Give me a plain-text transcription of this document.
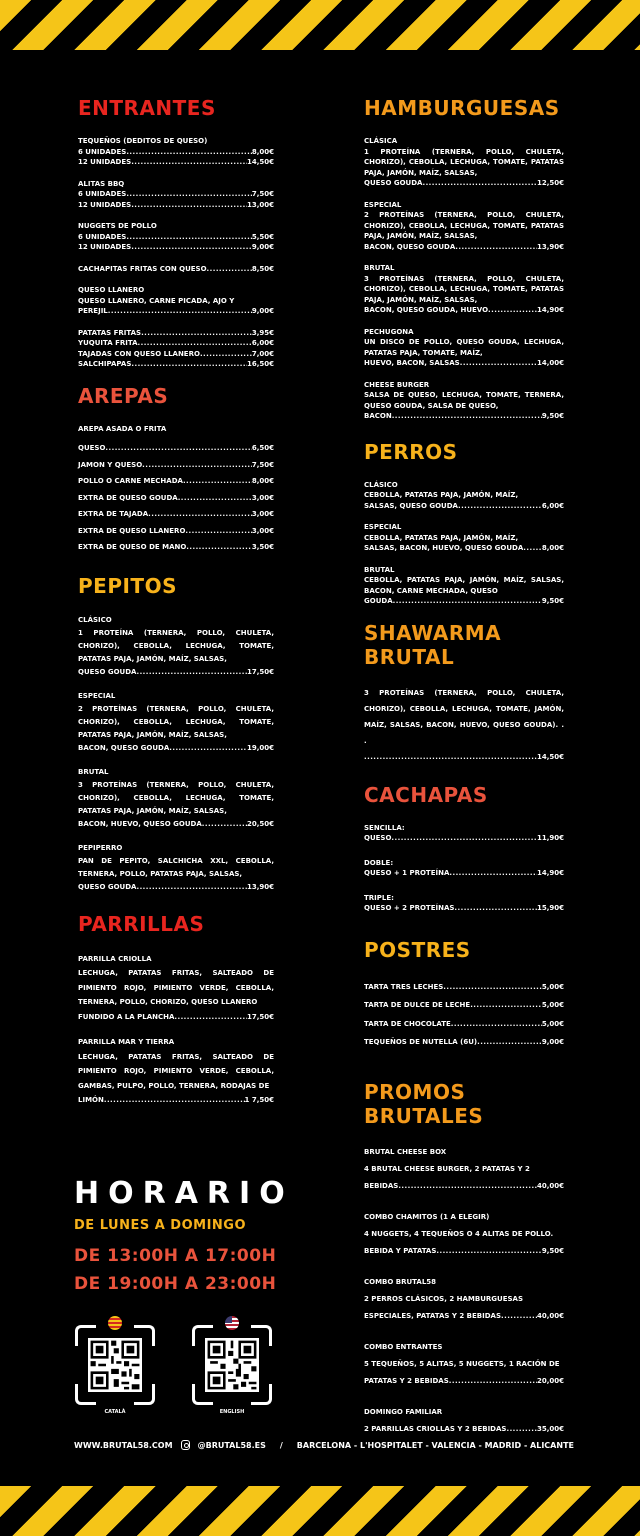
ENTRANTES

TEQUEÑOS (DEDITOS DE QUESO)

6 UNIDADES . . .	8,00€
12 UNIDADES . . .	14,50€

ALITAS BBQ

6 UNIDADES . . .	7,50€
12 UNIDADES . . .	13,00€

NUGGETS DE POLLO

6 UNIDADES . . .	5,50€
12 UNIDADES . . .	9,00€
CACHAPITAS FRITAS CON QUESO . . .	8,50€

QUESO LLANERO

QUESO LLANERO, CARNE PICADA, AJO Y

PEREJIL . . .	9,00€
PATATAS FRITAS . . .	3,95€
YUQUITA FRITA . . .	6,00€
TAJADAS CON QUESO LLANERO . . .	7,00€
SALCHIPAPAS . . .	16,50€
AREPAS

AREPA ASADA O FRITA

QUESO . . .	6,50€
JAMON Y QUESO . . .	7,50€
POLLO O CARNE MECHADA . . .	8,00€
EXTRA DE QUESO GOUDA . . .	3,00€
EXTRA DE TAJADA . . .	3,00€
EXTRA DE QUESO LLANERO . . .	3,00€
EXTRA DE QUESO DE MANO . . .	3,50€
PEPITOS

CLÁSICO

1 PROTEÍNA (TERNERA, POLLO, CHULETA, CHORIZO), CEBOLLA, LECHUGA, TOMATE, PATATAS PAJA, JAMÓN, MAÍZ, SALSAS,

QUESO GOUDA . . .	17,50€

ESPECIAL

2 PROTEÍNAS (TERNERA, POLLO, CHULETA, CHORIZO), CEBOLLA, LECHUGA, TOMATE, PATATAS PAJA, JAMÓN, MAÍZ, SALSAS,

BACON, QUESO GOUDA . . .	19,00€

BRUTAL

3 PROTEÍNAS (TERNERA, POLLO, CHULETA, CHORIZO), CEBOLLA, LECHUGA, TOMATE, PATATAS PAJA, JAMÓN, MAÍZ, SALSAS,

BACON, HUEVO, QUESO GOUDA . . .	20,50€

PEPIPERRO

PAN DE PEPITO, SALCHICHA XXL, CEBOLLA, TERNERA, POLLO, PATATAS PAJA, SALSAS,

QUESO GOUDA . . .	13,90€
PARRILLAS

PARRILLA CRIOLLA

LECHUGA, PATATAS FRITAS, SALTEADO DE PIMIENTO ROJO, PIMIENTO VERDE, CEBOLLA, TERNERA, POLLO, CHORIZO, QUESO LLANERO

FUNDIDO A LA PLANCHA . . .	17,50€

PARRILLA MAR Y TIERRA

LECHUGA, PATATAS FRITAS, SALTEADO DE PIMIENTO ROJO, PIMIENTO VERDE, CEBOLLA, GAMBAS, PULPO, POLLO, TERNERA, RODAJAS DE

LIMÓN . . .	1 7,50€
HORARIO
DE LUNES A DOMINGO
DE 13:00H A 17:00H
DE 19:00H A 23:00H
CATALÀ	ENGLISH
HAMBURGUESAS

CLÁSICA

1 PROTEÍNA (TERNERA, POLLO, CHULETA, CHORIZO), CEBOLLA, LECHUGA, TOMATE, PATATAS PAJA, JAMÓN, MAÍZ, SALSAS,

QUESO GOUDA . . .	12,50€

ESPECIAL

2 PROTEÍNAS (TERNERA, POLLO, CHULETA, CHORIZO), CEBOLLA, LECHUGA, TOMATE, PATATAS PAJA, JAMÓN, MAÍZ, SALSAS,

BACON, QUESO GOUDA . . .	13,90€

BRUTAL

3 PROTEÍNAS (TERNERA, POLLO, CHULETA, CHORIZO), CEBOLLA, LECHUGA, TOMATE, PATATAS PAJA, JAMÓN, MAÍZ, SALSAS,

BACON, QUESO GOUDA, HUEVO . . .	14,90€

PECHUGONA

UN DISCO DE POLLO, QUESO GOUDA, LECHUGA, PATATAS PAJA, TOMATE, MAÍZ,

HUEVO, BACON, SALSAS . . .	14,00€

CHEESE BURGER

SALSA DE QUESO, LECHUGA, TOMATE, TERNERA, QUESO GOUDA, SALSA DE QUESO,

BACON . . .	9,50€
PERROS

CLÁSICO

CEBOLLA, PATATAS PAJA, JAMÓN, MAÍZ,

SALSAS, QUESO GOUDA . . .	6,00€

ESPECIAL

CEBOLLA, PATATAS PAJA, JAMÓN, MAÍZ,

SALSAS, BACON, HUEVO, QUESO GOUDA . . .	8,00€

BRUTAL

CEBOLLA, PATATAS PAJA, JAMÓN, MAÍZ, SALSAS, BACON, CARNE MECHADA, QUESO

GOUDA . . .	9,50€
SHAWARMA BRUTAL

3 PROTEÍNAS (TERNERA, POLLO, CHULETA, CHORIZO), CEBOLLA, LECHUGA, TOMATE, JAMÓN, MAÍZ, SALSAS, BACON, HUEVO, QUESO GOUDA). . .

. . .
14,50€
CACHAPAS

SENCILLA:

QUESO . . .	11,90€

DOBLE:

QUESO + 1 PROTEÍNA . . .	14,90€

TRIPLE:

QUESO + 2 PROTEÍNAS . . .	15,90€
POSTRES
TARTA TRES LECHES . . .	5,00€
TARTA DE DULCE DE LECHE . . .	5,00€
TARTA DE CHOCOLATE . . .	5,00€
TEQUEÑOS DE NUTELLA (6U) . . .	9,00€
PROMOS BRUTALES

BRUTAL CHEESE BOX

4 BRUTAL CHEESE BURGER, 2 PATATAS Y 2

BEBIDAS . . .	40,00€

COMBO CHAMITOS (1 A ELEGIR)

4 NUGGETS, 4 TEQUEÑOS O 4 ALITAS DE POLLO.

BEBIDA Y PATATAS . . .	9,50€

COMBO BRUTAL58

2 PERROS CLÁSICOS, 2 HAMBURGUESAS

ESPECIALES, PATATAS Y 2 BEBIDAS . . .	40,00€

COMBO ENTRANTES

5 TEQUEÑOS, 5 ALITAS, 5 NUGGETS, 1 RACIÓN DE

PATATAS Y 2 BEBIDAS . . .	20,00€

DOMINGO FAMILIAR

2 PARRILLAS CRIOLLAS Y 2 BEBIDAS . . .	35,00€
WWW.BRUTAL58.COM	@BRUTAL58.ES / BARCELONA - L'HOSPITALET - VALENCIA - MADRID - ALICANTE
